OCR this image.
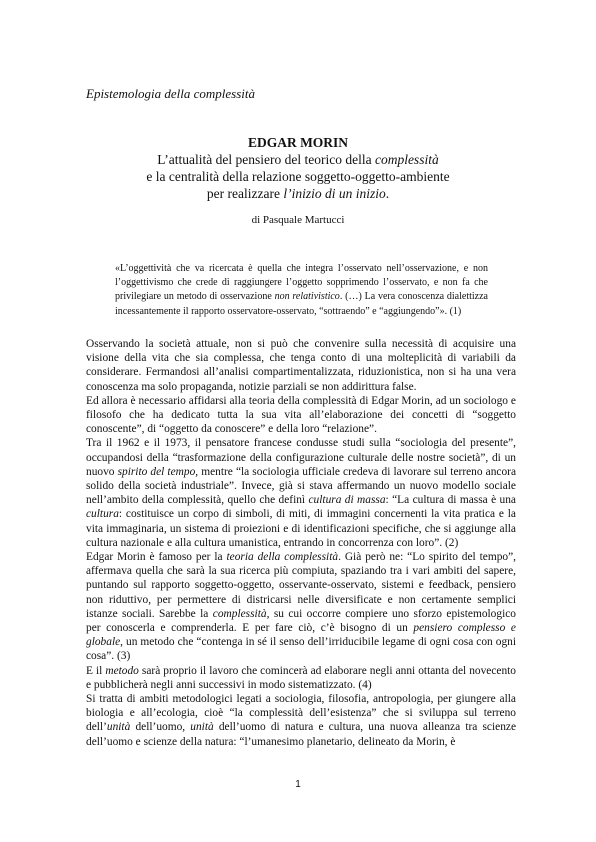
Epistemologia della complessità
EDGAR MORIN
L’attualità del pensiero del teorico della complessità
e la centralità della relazione soggetto-oggetto-ambiente
per realizzare l’inizio di un inizio.
di Pasquale Martucci

«L’oggettività che va ricercata è quella che integra l’osservato nell’osservazione, e non l’oggettivismo che crede di raggiungere l’oggetto sopprimendo l’osservato, e non fa che privilegiare un metodo di osservazione non relativistico. (…) La vera conoscenza dialettizza incessantemente il rapporto osservatore-osservato, “sottraendo” e “aggiungendo”». (1)

Osservando la società attuale, non si può che convenire sulla necessità di acquisire una visione della vita che sia complessa, che tenga conto di una molteplicità di variabili da considerare. Fermandosi all’analisi compartimentalizzata, riduzionistica, non si ha una vera conoscenza ma solo propaganda, notizie parziali se non addirittura false.

Ed allora è necessario affidarsi alla teoria della complessità di Edgar Morin, ad un sociologo e filosofo che ha dedicato tutta la sua vita all’elaborazione dei concetti di “soggetto conoscente”, di “oggetto da conoscere” e della loro “relazione”.

Tra il 1962 e il 1973, il pensatore francese condusse studi sulla “sociologia del presente”, occupandosi della “trasformazione della configurazione culturale delle nostre società”, di un nuovo spirito del tempo, mentre “la sociologia ufficiale credeva di lavorare sul terreno ancora solido della società industriale”. Invece, già si stava affermando un nuovo modello sociale nell’ambito della complessità, quello che definì cultura di massa: “La cultura di massa è una cultura: costituisce un corpo di simboli, di miti, di immagini concernenti la vita pratica e la vita immaginaria, un sistema di proiezioni e di identificazioni specifiche, che si aggiunge alla cultura nazionale e alla cultura umanistica, entrando in concorrenza con loro”. (2)

Edgar Morin è famoso per la teoria della complessità. Già però ne: “Lo spirito del tempo”, affermava quella che sarà la sua ricerca più compiuta, spaziando tra i vari ambiti del sapere, puntando sul rapporto soggetto-oggetto, osservante-osservato, sistemi e feedback, pensiero non riduttivo, per permettere di districarsi nelle diversificate e non certamente semplici istanze sociali. Sarebbe la complessità, su cui occorre compiere uno sforzo epistemologico per conoscerla e comprenderla. E per fare ciò, c’è bisogno di un pensiero complesso e globale, un metodo che “contenga in sé il senso dell’irriducibile legame di ogni cosa con ogni cosa”. (3)

E il metodo sarà proprio il lavoro che comincerà ad elaborare negli anni ottanta del novecento e pubblicherà negli anni successivi in modo sistematizzato. (4)

Si tratta di ambiti metodologici legati a sociologia, filosofia, antropologia, per giungere alla biologia e all’ecologia, cioè “la complessità dell’esistenza” che si sviluppa sul terreno dell’unità dell’uomo, unità dell’uomo di natura e cultura, una nuova alleanza tra scienze dell’uomo e scienze della natura: “l’umanesimo planetario, delineato da Morin, è

1
